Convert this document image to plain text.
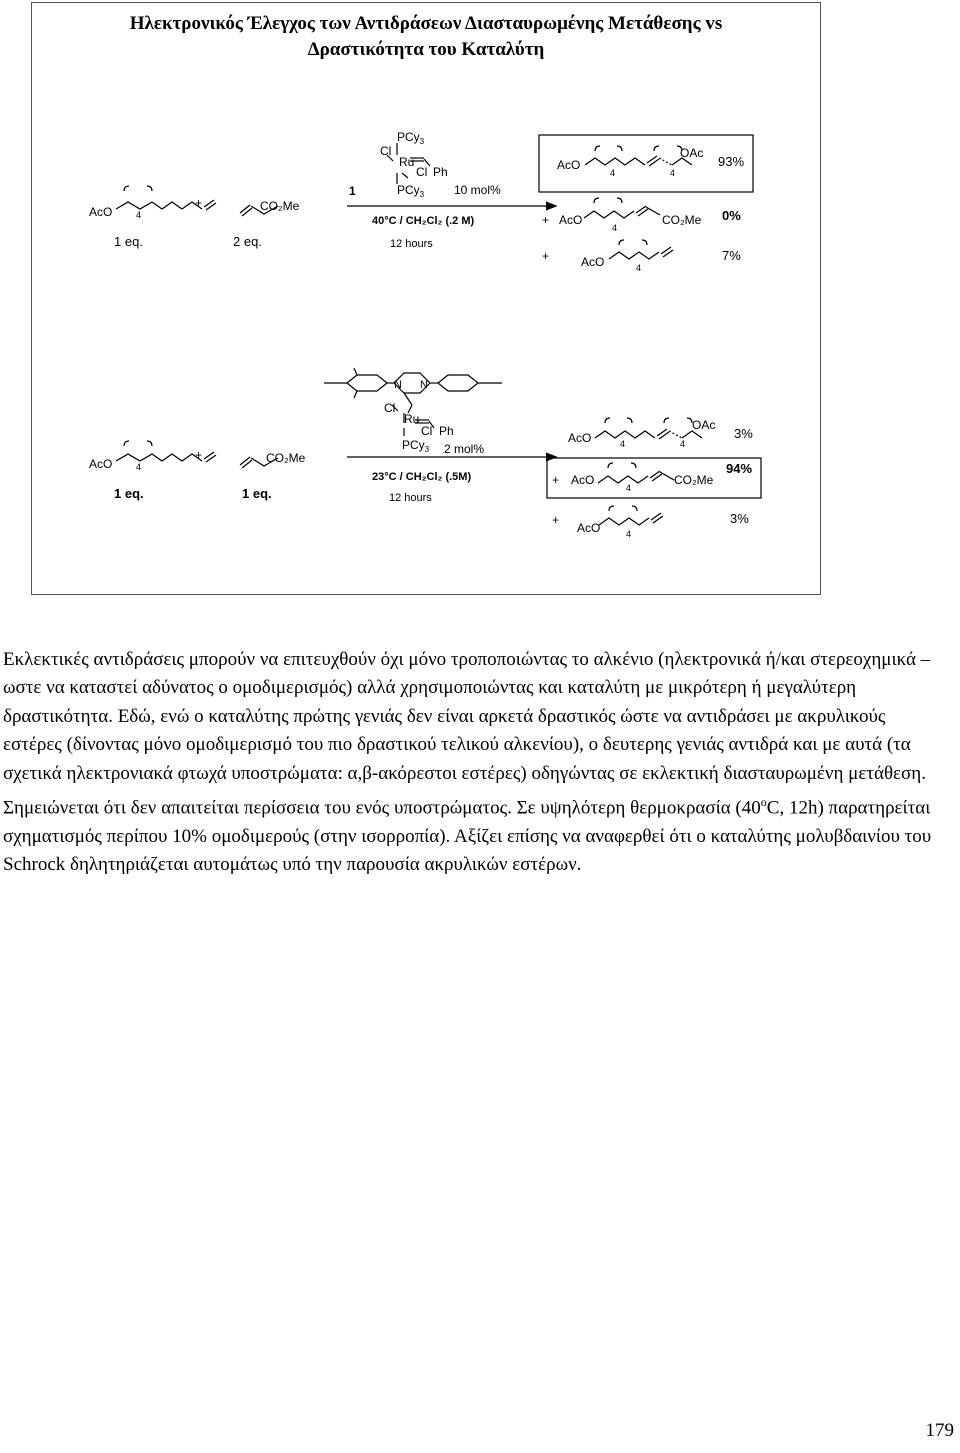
Ηλεκτρονικός Έλεγχος των Αντιδράσεων Διασταυρωμένης Μετάθεσης vs
Δραστικότητα του Καταλύτη
AcO	4
1 eq.
+	CO₂Me
2 eq.
PCy$_3$
Cl
Ru
Cl Ph
PCy$_3$
1	10 mol%
40°C / CH₂Cl₂ (.2 M)
12 hours
AcO
4	4
OAc
93%
+ AcO
4
CO₂Me 0%
+	AcO	4
7%
N N
Cl
Ru
Cl Ph
PCy$_3$ 2 mol%
23°C / CH₂Cl₂ (.5M)
12 hours
AcO	4
1 eq.
+	CO₂Me
1 eq.
AcO	4	4
OAc
3%
+ AcO
4
CO₂Me
94%
+
AcO	4
3%

Εκλεκτικές αντιδράσεις μπορούν να επιτευχθούν όχι μόνο τροποποιώντας το αλκένιο (ηλεκτρονικά ή/και στερεοχημικά – ωστε να καταστεί αδύνατος ο ομοδιμερισμός) αλλά χρησιμοποιώντας και καταλύτη με μικρότερη ή μεγαλύτερη δραστικότητα. Εδώ, ενώ ο καταλύτης πρώτης γενιάς δεν είναι αρκετά δραστικός ώστε να αντιδράσει με ακρυλικούς εστέρες (δίνοντας μόνο ομοδιμερισμό του πιο δραστικού τελικού αλκενίου), ο δευτερης γενιάς αντιδρά και με αυτά (τα σχετικά ηλεκτρονιακά φτωχά υποστρώματα: α,β-ακόρεστοι εστέρες) οδηγώντας σε εκλεκτική διασταυρωμένη μετάθεση. Σημειώνεται ότι δεν απαιτείται περίσσεια του ενός υποστρώματος. Σε υψηλότερη θερμοκρασία (40$^o$C, 12h) παρατηρείται σχηματισμός περίπου 10% ομοδιμερούς (στην ισορροπία). Αξίζει επίσης να αναφερθεί ότι ο καταλύτης μολυβδαινίου του Schrock δηλητηριάζεται αυτομάτως υπό την παρουσία ακρυλικών εστέρων.

179
